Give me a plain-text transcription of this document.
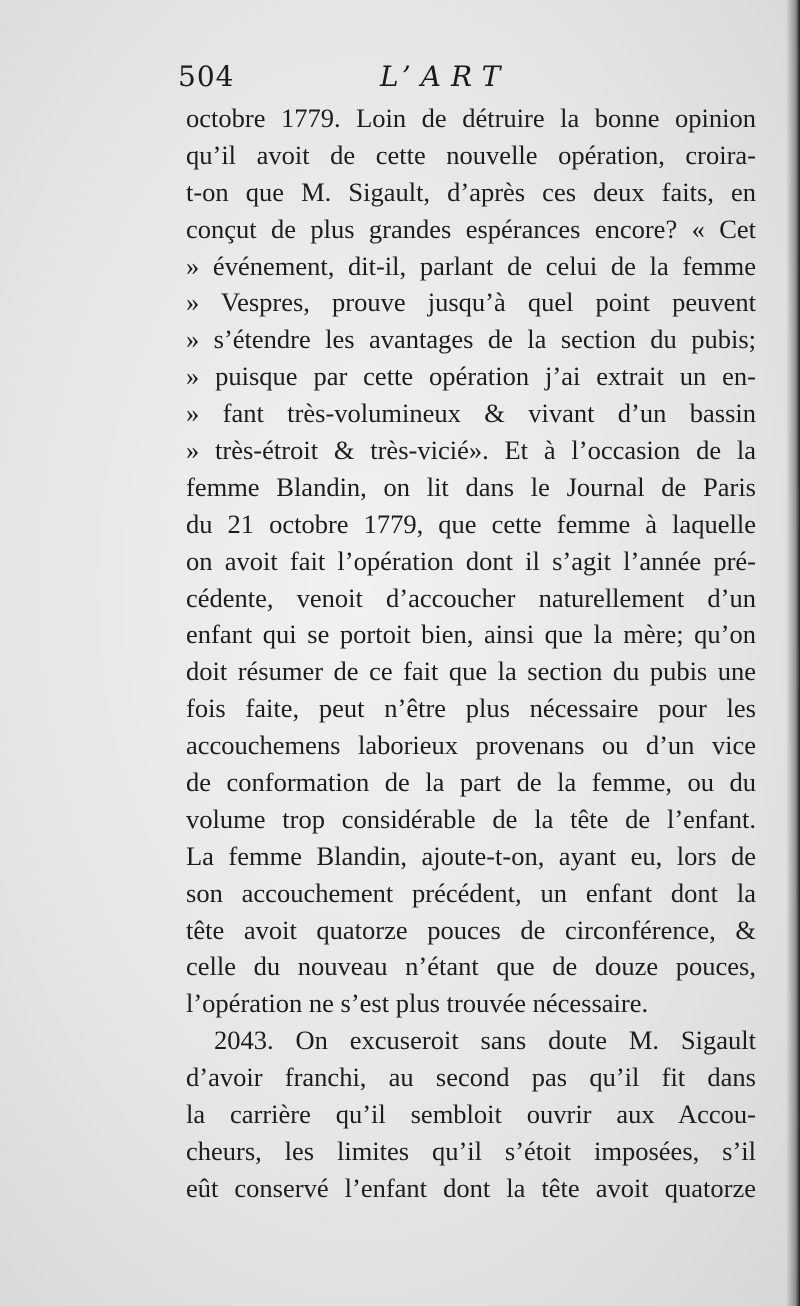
504	L’ART
octobre 1779. Loin de détruire la bonne opinion
qu’il avoit de cette nouvelle opération, croira-
t-on que M. Sigault, d’après ces deux faits, en
conçut de plus grandes espérances encore? « Cet
» événement, dit-il, parlant de celui de la femme
» Vespres, prouve jusqu’à quel point peuvent
» s’étendre les avantages de la section du pubis;
» puisque par cette opération j’ai extrait un en-
» fant très-volumineux & vivant d’un bassin
» très-étroit & très-vicié». Et à l’occasion de la
femme Blandin, on lit dans le Journal de Paris
du 21 octobre 1779, que cette femme à laquelle
on avoit fait l’opération dont il s’agit l’année pré-
cédente, venoit d’accoucher naturellement d’un
enfant qui se portoit bien, ainsi que la mère; qu’on
doit résumer de ce fait que la section du pubis une
fois faite, peut n’être plus nécessaire pour les
accouchemens laborieux provenans ou d’un vice
de conformation de la part de la femme, ou du
volume trop considérable de la tête de l’enfant.
La femme Blandin, ajoute-t-on, ayant eu, lors de
son accouchement précédent, un enfant dont la
tête avoit quatorze pouces de circonférence, &
celle du nouveau n’étant que de douze pouces,
l’opération ne s’est plus trouvée nécessaire.
2043. On excuseroit sans doute M. Sigault
d’avoir franchi, au second pas qu’il fit dans
la carrière qu’il sembloit ouvrir aux Accou-
cheurs, les limites qu’il s’étoit imposées, s’il
eût conservé l’enfant dont la tête avoit quatorze
